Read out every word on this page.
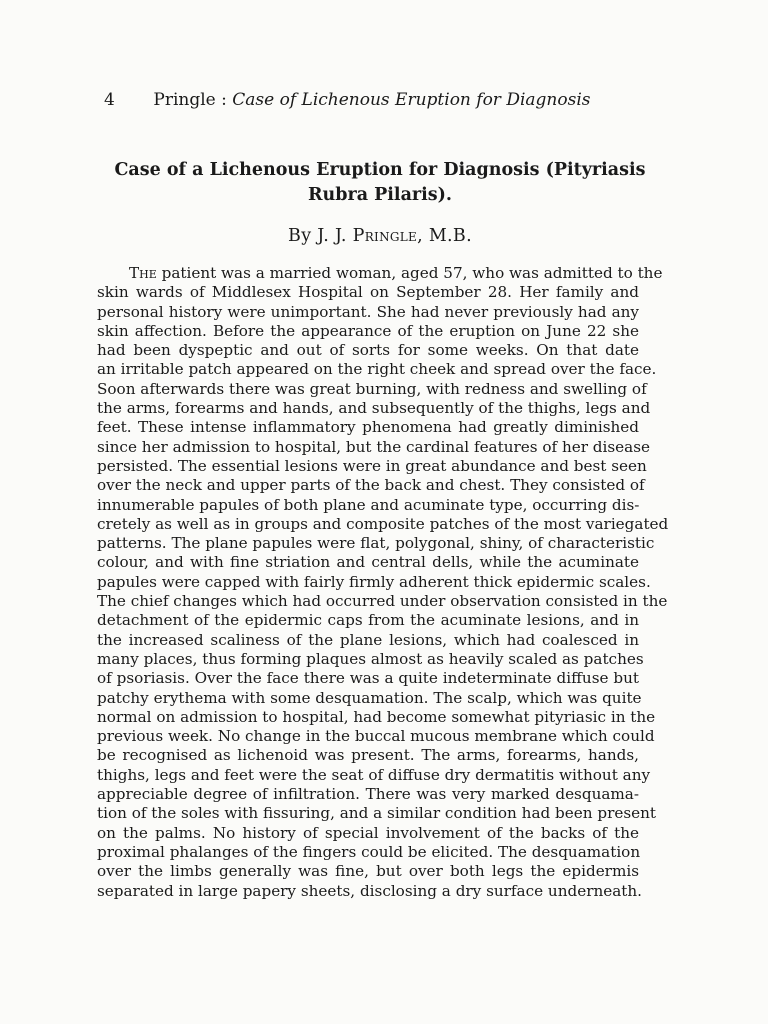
4 Pringle : Case of Lichenous Eruption for Diagnosis
Case of a Lichenous Eruption for Diagnosis (Pityriasis
Rubra Pilaris).
By J. J. Pringle, M.B.
The patient was a married woman, aged 57, who was admitted to the
skin wards of Middlesex Hospital on September 28. Her family and
personal history were unimportant. She had never previously had any
skin affection. Before the appearance of the eruption on June 22 she
had been dyspeptic and out of sorts for some weeks. On that date
an irritable patch appeared on the right cheek and spread over the face.
Soon afterwards there was great burning, with redness and swelling of
the arms, forearms and hands, and subsequently of the thighs, legs and
feet. These intense inflammatory phenomena had greatly diminished
since her admission to hospital, but the cardinal features of her disease
persisted. The essential lesions were in great abundance and best seen
over the neck and upper parts of the back and chest. They consisted of
innumerable papules of both plane and acuminate type, occurring dis-
cretely as well as in groups and composite patches of the most variegated
patterns. The plane papules were flat, polygonal, shiny, of characteristic
colour, and with fine striation and central dells, while the acuminate
papules were capped with fairly firmly adherent thick epidermic scales.
The chief changes which had occurred under observation consisted in the
detachment of the epidermic caps from the acuminate lesions, and in
the increased scaliness of the plane lesions, which had coalesced in
many places, thus forming plaques almost as heavily scaled as patches
of psoriasis. Over the face there was a quite indeterminate diffuse but
patchy erythema with some desquamation. The scalp, which was quite
normal on admission to hospital, had become somewhat pityriasic in the
previous week. No change in the buccal mucous membrane which could
be recognised as lichenoid was present. The arms, forearms, hands,
thighs, legs and feet were the seat of diffuse dry dermatitis without any
appreciable degree of infiltration. There was very marked desquama-
tion of the soles with fissuring, and a similar condition had been present
on the palms. No history of special involvement of the backs of the
proximal phalanges of the fingers could be elicited. The desquamation
over the limbs generally was fine, but over both legs the epidermis
separated in large papery sheets, disclosing a dry surface underneath.
